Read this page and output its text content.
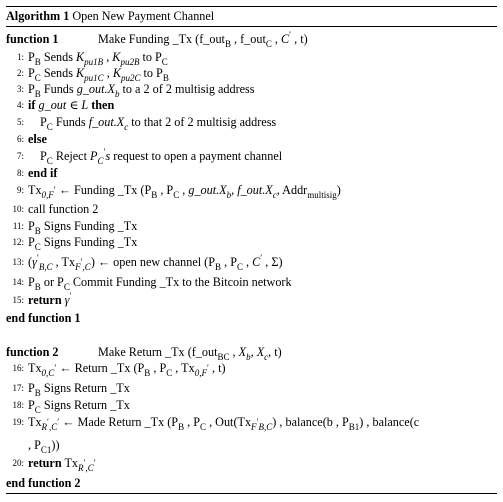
Algorithm 1 Open New Payment Channel
function 1	Make Funding _Tx (f_out$_B$ , f_out$_C$ , C′ , t)
1 : $P_B$ Sends $K_{pu1B}$ , $K_{pu2B}$ to $P_C$
2 : $P_C$ Sends $K_{pu1C}$ , $K_{pu2C}$ to $P_B$
3 : $P_B$ Funds $g\_out.X_b$ to a 2 of 2 multisig address
4 : if g_out ∈ L then
5 : $P_C$ Funds $f\_out.X_c$ to that 2 of 2 multisig address
6 : else
7 : $P_C$ Reject $P_C's$ request to open a payment channel
8 : end if
9 : $Tx_{0,F'}$ ← Funding _Tx ($P_B$ , $P_C$ , $g\_out.X_b$, $f\_out.X_c$, Addr$_{multisig}$)
10 : call function 2
11 : $P_B$ Signs Funding _Tx
12 : $P_C$ Signs Funding _Tx
13 : ($\gamma'_{B,C}$ , $Tx_{F',C}$) ← open new channel ($P_B$ , $P_C$ , C′ , Σ)
14 : $P_B$ or $P_C$ Commit Funding _Tx to the Bitcoin network
15 : return γ′
end function 1
function 2	Make Return _Tx (f_out$_{BC}$ , $X_b$, $X_c$, t)
16 : $Tx_{0,C'}$ ← Return _Tx ($P_B$ , $P_C$ , $Tx_{0,F'}$ , t)
17 : $P_B$ Signs Return _Tx
18 : $P_C$ Signs Return _Tx
19 : $Tx_{R',C'}$ ← Made Return _Tx ($P_B$ , $P_C$ , $Out(Tx_{F'B,C})$ , balance(b , $P_{B1}$) , balance(c
, $P_{C1}$))
20 : return $Tx_{R',C'}$
end function 2
